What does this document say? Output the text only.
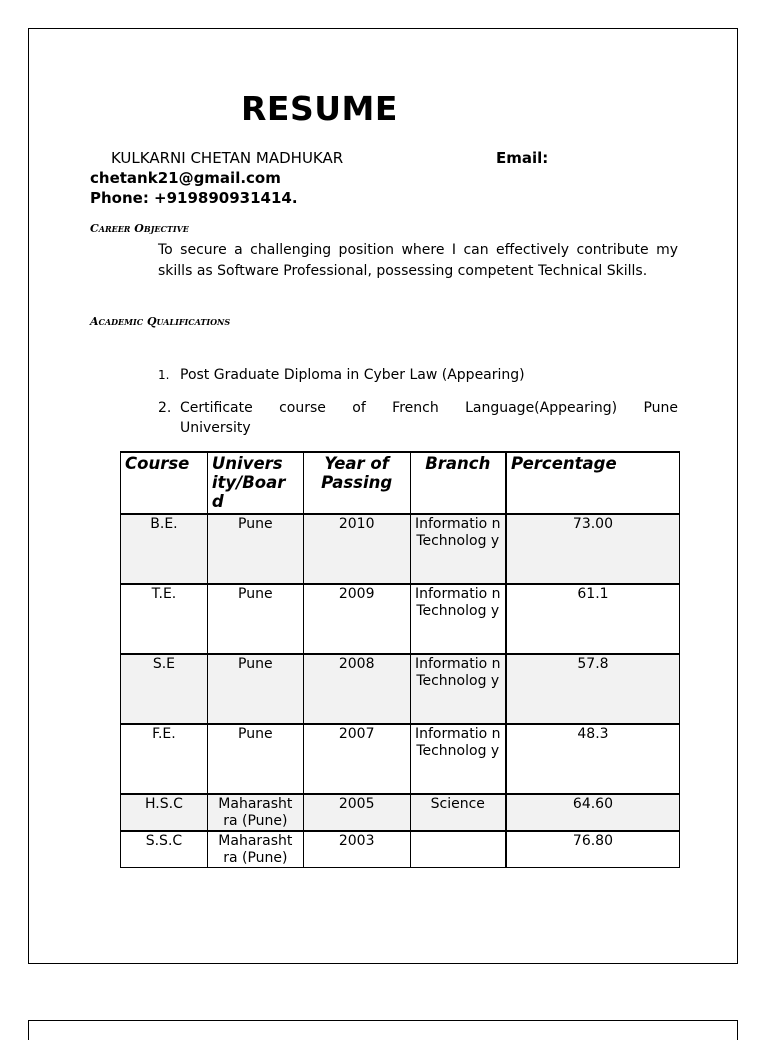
RESUME
KULKARNI CHETAN MADHUKAR	Email:
chetank21@gmail.com
Phone: +919890931414.
Career Objective
To secure a challenging position where I can effectively contribute my skills as Software Professional, possessing competent Technical Skills.
Academic Qualifications
1. Post Graduate Diploma in Cyber Law (Appearing)
2. Certificate course of French Language(Appearing) Pune
University
Course	Univers ity/Boar d	Year of Passing	Branch	Percentage
B.E.	Pune	2010	Informatio n Technolog y	73.00
T.E.	Pune	2009	Informatio n Technolog y	61.1
S.E	Pune	2008	Informatio n Technolog y	57.8
F.E.	Pune	2007	Informatio n Technolog y	48.3
H.S.C	Maharasht ra (Pune)	2005	Science	64.60
S.S.C	Maharasht ra (Pune)	2003		76.80
